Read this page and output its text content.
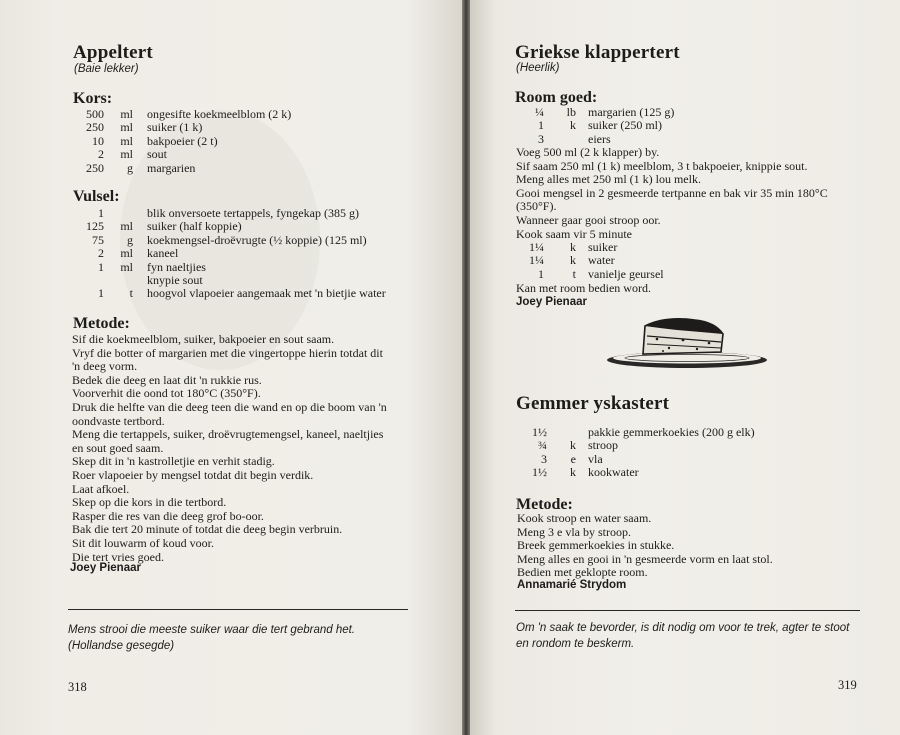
Appeltert
(Baie lekker)
Kors:
500	ml ongesifte koekmeelblom (2 k)
250	ml suiker (1 k)
10	ml bakpoeier (2 t)
2	ml sout
250	g margarien
Vulsel:
1	blik onversoete tertappels, fyngekap (385 g)
125	ml suiker (half koppie)
75	g koekmengsel-droëvrugte (½ koppie) (125 ml)
2	ml kaneel
1	ml fyn naeltjies
knypie sout
1	t hoogvol vlapoeier aangemaak met 'n bietjie water
Metode:
Sif die koekmeelblom, suiker, bakpoeier en sout saam.
Vryf die botter of margarien met die vingertoppe hierin totdat dit
'n deeg vorm.
Bedek die deeg en laat dit 'n rukkie rus.
Voorverhit die oond tot 180°C (350°F).
Druk die helfte van die deeg teen die wand en op die boom van 'n
oondvaste tertbord.
Meng die tertappels, suiker, droëvrugtemengsel, kaneel, naeltjies
en sout goed saam.
Skep dit in 'n kastrolletjie en verhit stadig.
Roer vlapoeier by mengsel totdat dit begin verdik.
Laat afkoel.
Skep op die kors in die tertbord.
Rasper die res van die deeg grof bo-oor.
Bak die tert 20 minute of totdat die deeg begin verbruin.
Sit dit louwarm of koud voor.
Die tert vries goed.
Joey Pienaar
Mens strooi die meeste suiker waar die tert gebrand het.
(Hollandse gesegde)
318
Griekse klappertert
(Heerlik)
Room goed:
¼	lb margarien (125 g)
1	k suiker (250 ml)
3	eiers
Voeg 500 ml (2 k klapper) by.
Sif saam 250 ml (1 k) meelblom, 3 t bakpoeier, knippie sout.
Meng alles met 250 ml (1 k) lou melk.
Gooi mengsel in 2 gesmeerde tertpanne en bak vir 35 min 180°C
(350°F).
Wanneer gaar gooi stroop oor.
Kook saam vir 5 minute
1¼	k suiker
1¼	k water
1	t vanielje geursel
Kan met room bedien word.
Joey Pienaar
Gemmer yskastert
1½	pakkie gemmerkoekies (200 g elk)
¾	k stroop
3	e vla
1½	k kookwater
Metode:
Kook stroop en water saam.
Meng 3 e vla by stroop.
Breek gemmerkoekies in stukke.
Meng alles en gooi in 'n gesmeerde vorm en laat stol.
Bedien met geklopte room.
Annamarié Strydom
Om 'n saak te bevorder, is dit nodig om voor te trek, agter te stoot
en rondom te beskerm.
319
